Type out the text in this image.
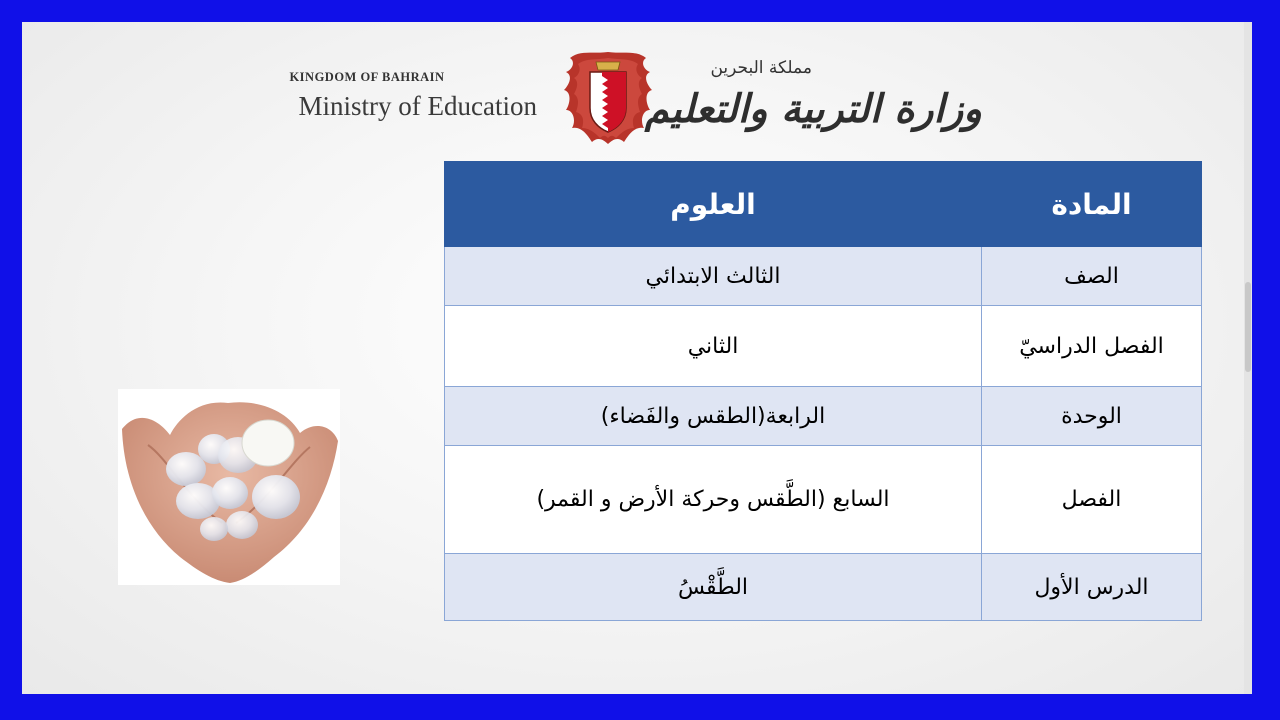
KINGDOM OF BAHRAIN
Ministry of Education
مملكة البحرين
وزارة التربية والتعليم
المادة	العلوم
الصف	الثالث الابتدائي
الفصل الدراسيّ	الثاني
الوحدة	الرابعة(الطقس والفَضاء)
الفصل	السابع (الطَّقس وحركة الأرض و القمر)
الدرس الأول	الطَّقْسُ
